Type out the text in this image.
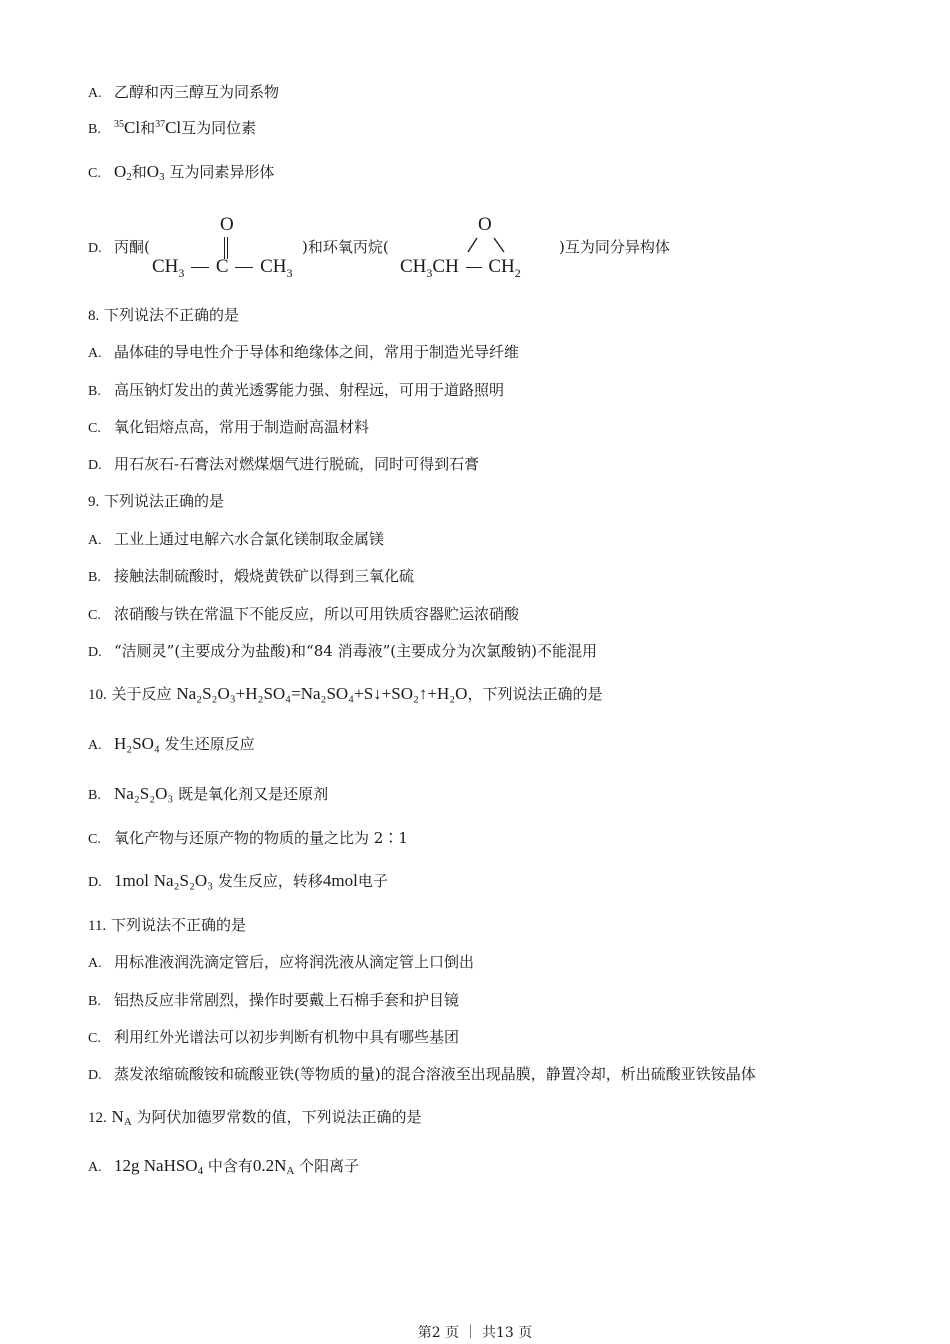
A. 乙醇和丙三醇互为同系物
B. $^{35}$Cl和$^{37}$Cl互为同位素
C. $O_2$和$O_3$ 互为同素异形体
D. 丙酮(	)和环氧丙烷(	)互为同分异构体
O
$CH_3$ C $CH_3$
O
$CH_3CH$ $CH_2$
8. 下列说法不正确的是
A. 晶体硅的导电性介于导体和绝缘体之间，常用于制造光导纤维
B. 高压钠灯发出的黄光透雾能力强、射程远，可用于道路照明
C. 氧化铝熔点高，常用于制造耐高温材料
D. 用石灰石-石膏法对燃煤烟气进行脱硫，同时可得到石膏
9. 下列说法正确的是
A. 工业上通过电解六水合氯化镁制取金属镁
B. 接触法制硫酸时，煅烧黄铁矿以得到三氧化硫
C. 浓硝酸与铁在常温下不能反应，所以可用铁质容器贮运浓硝酸
D. “洁厕灵”(主要成分为盐酸)和“84 消毒液”(主要成分为次氯酸钠)不能混用
10. 关于反应 Na₂S₂O₃+H₂SO₄=Na₂SO₄+S↓+SO₂↑+H₂O，下列说法正确的是
A. H₂SO₄ 发生还原反应
B. Na₂S₂O₃ 既是氧化剂又是还原剂
C. 氧化产物与还原产物的物质的量之比为 2∶1
D. 1mol Na₂S₂O₃ 发生反应，转移4mol电子
11. 下列说法不正确的是
A. 用标准液润洗滴定管后，应将润洗液从滴定管上口倒出
B. 铝热反应非常剧烈，操作时要戴上石棉手套和护目镜
C. 利用红外光谱法可以初步判断有机物中具有哪些基团
D. 蒸发浓缩硫酸铵和硫酸亚铁(等物质的量)的混合溶液至出现晶膜，静置冷却，析出硫酸亚铁铵晶体
12. $N_A$ 为阿伏加德罗常数的值，下列说法正确的是
A. 12g NaHSO$_4$ 中含有$0.2N_A$ 个阳离子
第2 页 ｜ 共13 页
